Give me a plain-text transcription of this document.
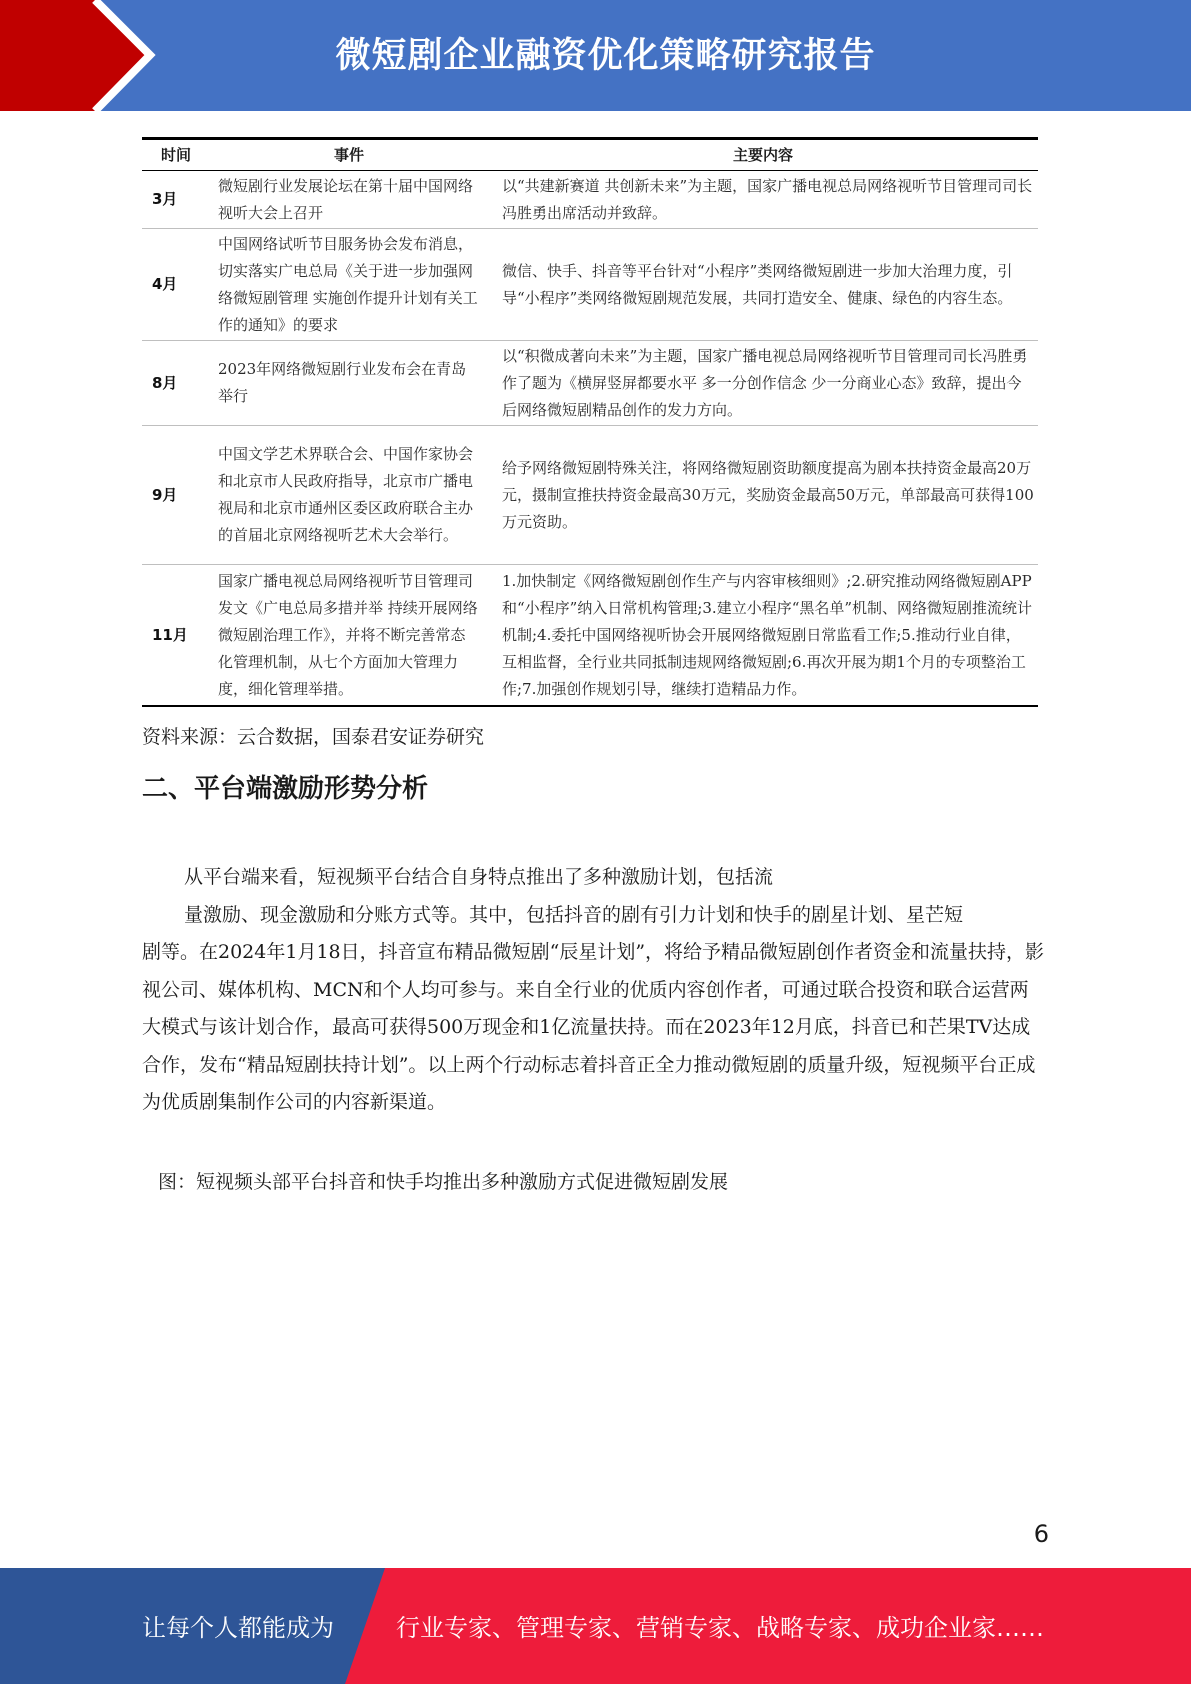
微短剧企业融资优化策略研究报告
时间	事件	主要内容
3月	微短剧行业发展论坛在第十届中国网络视听大会上召开	以“共建新赛道 共创新未来”为主题，国家广播电视总局网络视听节目管理司司长冯胜勇出席活动并致辞。
4月	中国网络试听节目服务协会发布消息，切实落实广电总局《关于进一步加强网络微短剧管理 实施创作提升计划有关工作的通知》的要求	微信、快手、抖音等平台针对“小程序”类网络微短剧进一步加大治理力度，引导“小程序”类网络微短剧规范发展，共同打造安全、健康、绿色的内容生态。
8月	2023年网络微短剧行业发布会在青岛举行	以“积微成著向未来”为主题，国家广播电视总局网络视听节目管理司司长冯胜勇作了题为《横屏竖屏都要水平 多一分创作信念 少一分商业心态》致辞，提出今后网络微短剧精品创作的发力方向。
9月	中国文学艺术界联合会、中国作家协会和北京市人民政府指导，北京市广播电视局和北京市通州区委区政府联合主办的首届北京网络视听艺术大会举行。	给予网络微短剧特殊关注，将网络微短剧资助额度提高为剧本扶持资金最高20万元，摄制宣推扶持资金最高30万元，奖励资金最高50万元，单部最高可获得100万元资助。
11月	国家广播电视总局网络视听节目管理司发文《广电总局多措并举 持续开展网络微短剧治理工作》，并将不断完善常态化管理机制，从七个方面加大管理力度，细化管理举措。	1.加快制定《网络微短剧创作生产与内容审核细则》;2.研究推动网络微短剧APP和“小程序”纳入日常机构管理;3.建立小程序“黑名单”机制、网络微短剧推流统计机制;4.委托中国网络视听协会开展网络微短剧日常监看工作;5.推动行业自律，互相监督，全行业共同抵制违规网络微短剧;6.再次开展为期1个月的专项整治工作;7.加强创作规划引导，继续打造精品力作。
资料来源：云合数据，国泰君安证券研究
二、平台端激励形势分析

从平台端来看，短视频平台结合自身特点推出了多种激励计划，包括流
量激励、现金激励和分账方式等。其中，包括抖音的剧有引力计划和快手的剧星计划、星芒短
剧等。在2024年1月18日，抖音宣布精品微短剧“辰星计划”，将给予精品微短剧创作者资金和流量扶持，影视公司、媒体机构、MCN和个人均可参与。来自全行业的优质内容创作者，可通过联合投资和联合运营两大模式与该计划合作，最高可获得500万现金和1亿流量扶持。而在2023年12月底，抖音已和芒果TV达成合作，发布“精品短剧扶持计划”。以上两个行动标志着抖音正全力推动微短剧的质量升级，短视频平台正成为优质剧集制作公司的内容新渠道。

图：短视频头部平台抖音和快手均推出多种激励方式促进微短剧发展
6
让每个人都能成为	行业专家、管理专家、营销专家、战略专家、成功企业家……
